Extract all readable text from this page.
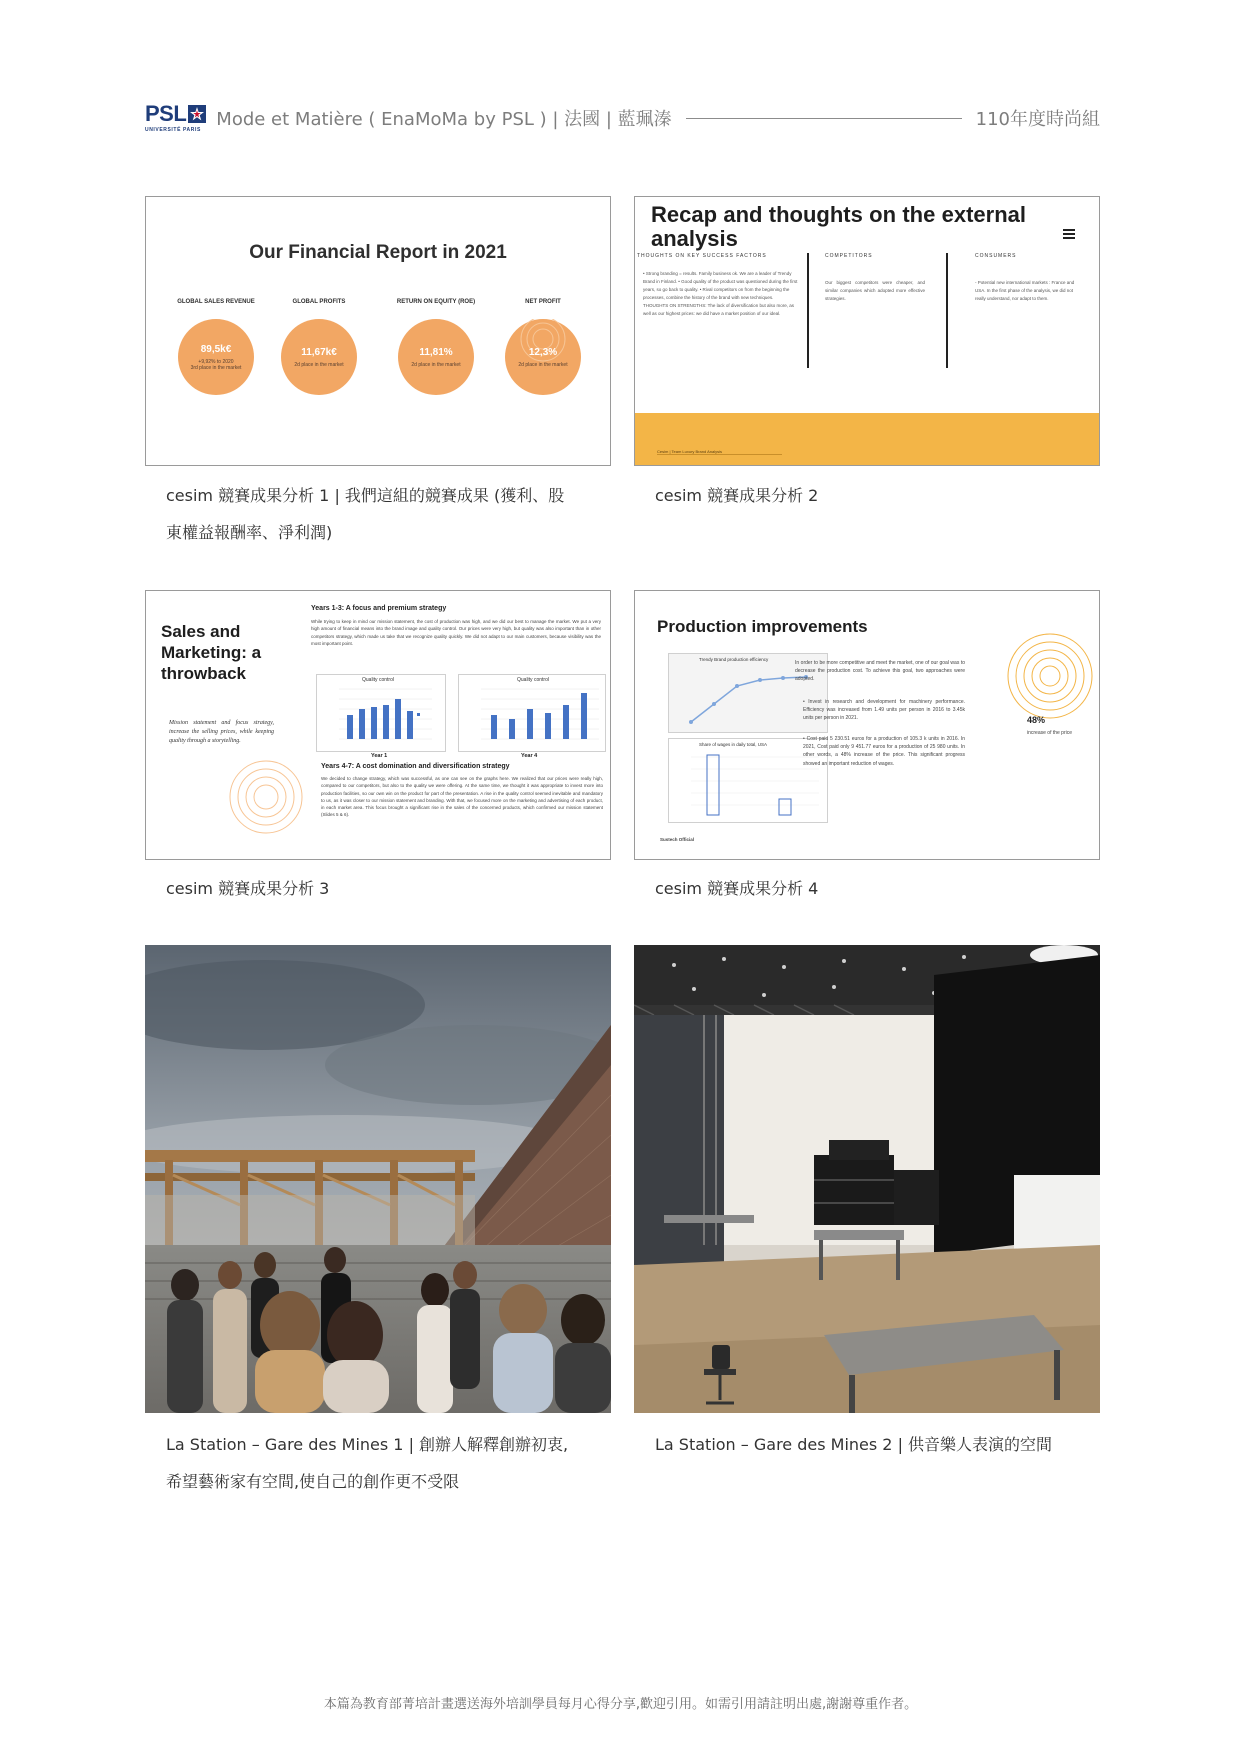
PSL
UNIVERSITÉ PARIS Mode et Matière ( EnaMoMa by PSL ) | 法國 | 藍珮溱	110年度時尚組
Our Financial Report in 2021
GLOBAL SALES REVENUE
89,5k€
+9,92% to 2020
3rd place in the market
GLOBAL PROFITS
11,67k€
2d place in the market
RETURN ON EQUITY (ROE)
11,81%
2d place in the market
NET PROFIT
12,3%
2d place in the market
cesim 競賽成果分析 1 | 我們這組的競賽成果 (獲利、股
東權益報酬率、淨利潤)
Recap and thoughts on the external analysis
THOUGHTS ON KEY SUCCESS FACTORS
• Strong branding = results. Family business ok. We are a leader of Trendy Brand in Finland. • Good quality of the product was questioned during the first years, so go back to quality. • Rival competitors on from the beginning the processes, combine the history of the brand with new techniques. THOUGHTS ON STRENGTHS: The lack of diversification but also more, as well as our highest prices: we did have a market position of our ideal.
COMPETITORS
Our biggest competitors were cheaper, and similar companies which adopted more effective strategies.
CONSUMERS
- Potential new international markets : France and USA. In the first phase of the analysis, we did not really understand, nor adapt to them.
Cesim | Team Luxury Brand Analysis
cesim 競賽成果分析 2
Sales and Marketing: a throwback
Mission statement and focus strategy, increase the selling prices, while keeping quality through a storytelling.
Years 1-3: A focus and premium strategy
While trying to keep in mind our mission statement, the cost of production was high, and we did our best to manage the market. We put a very high amount of financial means into the brand image and quality control. Our prices were very high, but quality was also important than in other competitors strategy, which made us take that we recognize quality quickly. We did not adapt to our main customers, because visibility was the most important point.
Quality control	Quality control
Year 1	Year 4
Years 4-7: A cost domination and diversification strategy
We decided to change strategy, which was successful, as one can see on the graphs here. We realized that our prices were really high, compared to our competitors, but also to the quality we were offering. At the same time, we thought it was appropriate to invest more into production facilities, so our own win on the product for part of the presentation. A rise in the quality control seemed inevitable and mandatory to us, as it was closer to our mission statement and branding. With that, we focused more on the marketing and advertising of each product, in each market area. This focus brought a significant rise in the sales of the concerned products, which confirmed our mission statement (Slides 5 & 6).
cesim 競賽成果分析 3
Production improvements
Trendy Brand production efficiency
Share of wages in daily total, USA
In order to be more competitive and meet the market, one of our goal was to decrease the production cost. To achieve this goal, two approaches were adopted.
• Invest in research and development for machinery performance. Efficiency was increased from 1.49 units per person in 2016 to 3.45k units per person in 2021.
• Cost paid 5 230.51 euros for a production of 105.3 k units in 2016. In 2021, Cost paid only 9 451.77 euros for a production of 25 980 units. In other words, a 48% increase of the price. This significant progress showed an important reduction of wages.
48%
increase of the price
Sustech Official
cesim 競賽成果分析 4
La Station – Gare des Mines 1 | 創辦人解釋創辦初衷,
希望藝術家有空間,使自己的創作更不受限
La Station – Gare des Mines 2 | 供音樂人表演的空間
本篇為教育部菁培計畫選送海外培訓學員每月心得分享,歡迎引用。如需引用請註明出處,謝謝尊重作者。
